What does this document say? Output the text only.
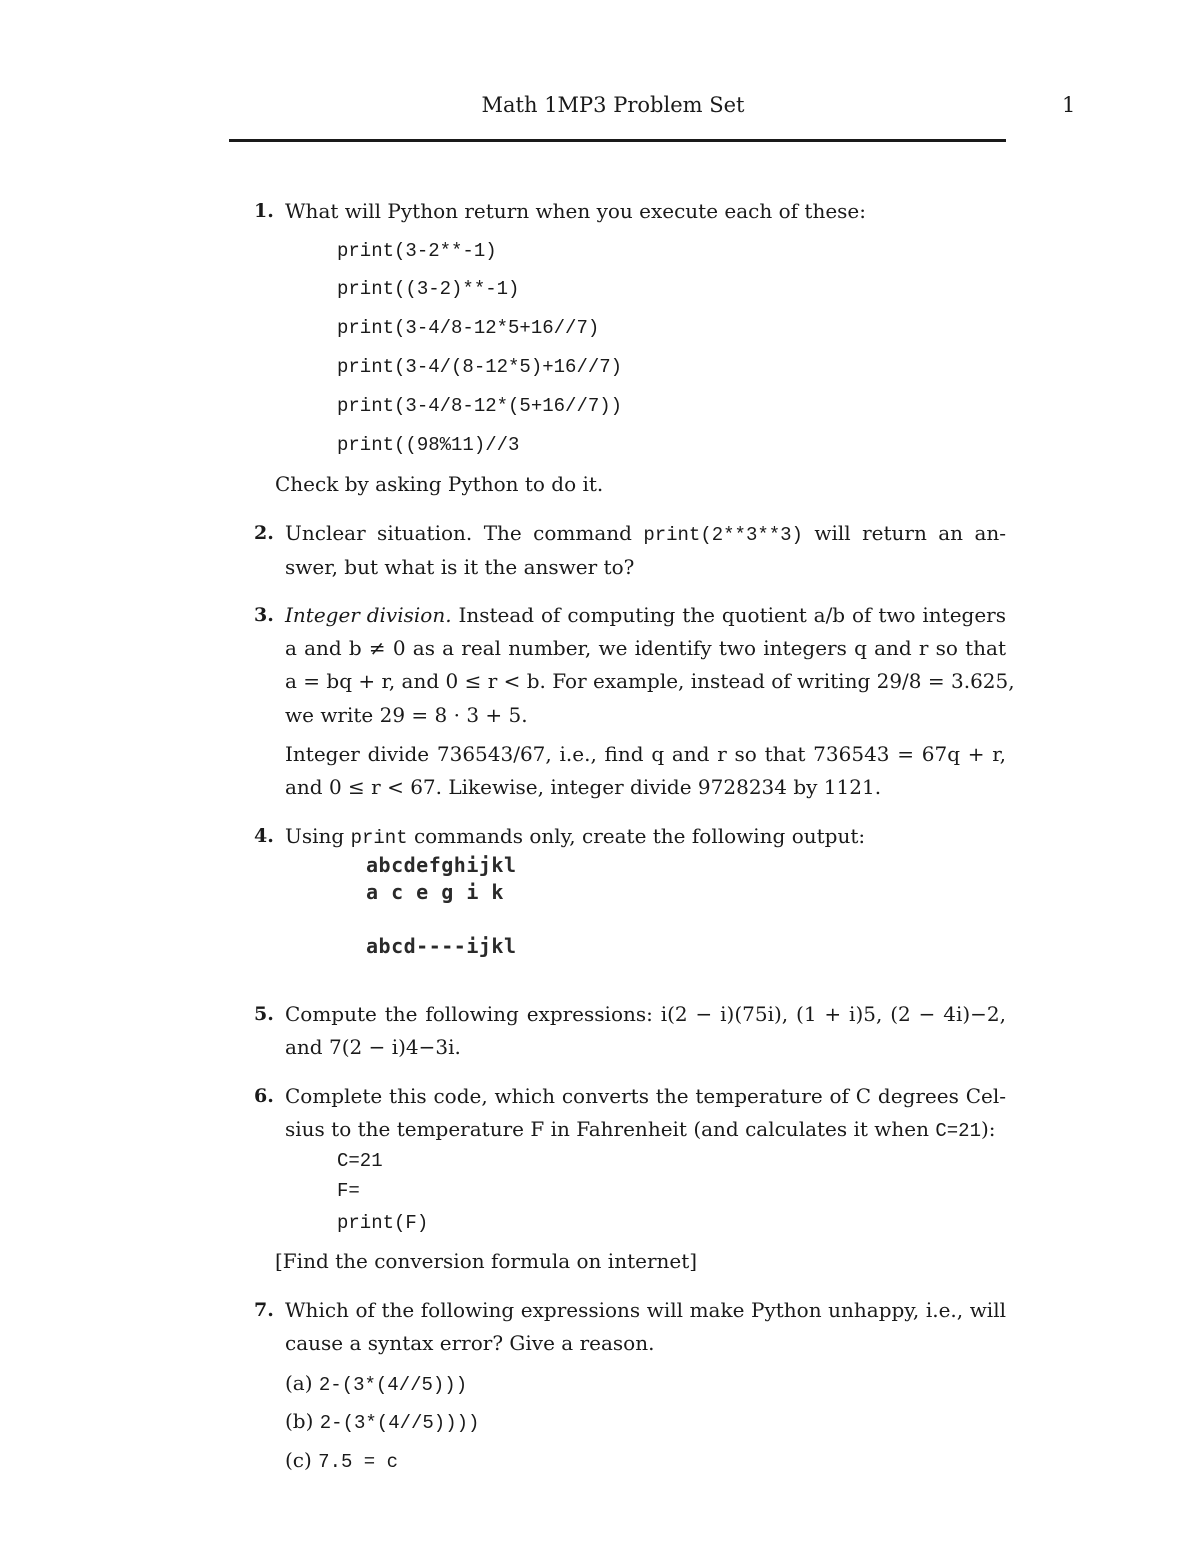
Math 1MP3 Problem Set	1
1. What will Python return when you execute each of these:
print(3-2**-1)
print((3-2)**-1)
print(3-4/8-12*5+16//7)
print(3-4/(8-12*5)+16//7)
print(3-4/8-12*(5+16//7))
print((98%11)//3
Check by asking Python to do it.
2. Unclear situation. The command print(2**3**3) will return an an-
swer, but what is it the answer to?
3. Integer division. Instead of computing the quotient a/b of two integers
a and b ≠ 0 as a real number, we identify two integers q and r so that
a = bq + r, and 0 ≤ r < b. For example, instead of writing 29/8 = 3.625,
we write 29 = 8 · 3 + 5.
Integer divide 736543/67, i.e., find q and r so that 736543 = 67q + r,
and 0 ≤ r < 67. Likewise, integer divide 9728234 by 1121.
4. Using print commands only, create the following output:
abcdefghijkl
a c e g i k
abcd----ijkl
5. Compute the following expressions: i(2 − i)(75i), (1 + i)5, (2 − 4i)−2,
and 7(2 − i)4−3i.
6. Complete this code, which converts the temperature of C degrees Cel-
sius to the temperature F in Fahrenheit (and calculates it when C=21):
C=21
F=
print(F)
[Find the conversion formula on internet]
7. Which of the following expressions will make Python unhappy, i.e., will
cause a syntax error? Give a reason.
(a) 2-(3*(4//5)))
(b) 2-(3*(4//5))))
(c) 7.5 = c
